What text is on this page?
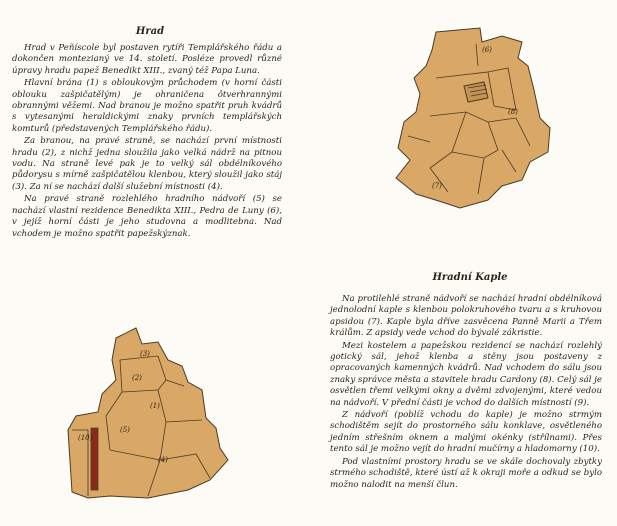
Hrad

Hrad v Peñíscole byl postaven rytíři Templářského řádu a dokončen montezianý ve 14. století. Posléze provedl různé úpravy hradu papež Benedikt XIII., zvaný též Papa Luna.

Hlavní brána (1) s obloukovým průchodem (v horní části oblouku zašpičatělým) je ohraničena ôtverhrannými obrannými věžemi. Nad branou je možno spatřit pruh kvádrů s vytesanými heraldickými znaky prvních templářských komturů (představených Templářského řádu).

Za branou, na pravé straně, se nachází první místnosti hradu (2), z nichž jedna sloužila jako velká nádrž na pitnou vodu. Na straně levé pak je to velký sál obdélníkového půdorysu s mírně zašpičatělou klenbou, který sloužil jako stáj (3). Za ní se nachází další služební místnosti (4).

Na pravé straně rozlehlého hradního nádvoří (5) se nachází vlastní rezidence Benedikta XIII., Pedra de Luny (6), v jejíž horní části je jeho studovna a modlitebna. Nad vchodem je možno spatřit papežskýznak.

(6)
(8)
(7)
(3)
(2)
(1)
(5)
(4)
(10)
Hradní Kaple

Na protilehlé straně nádvoří se nachází hradní obdélníková jednolodní kaple s klenbou polokruhového tvaru a s kruhovou apsidou (7). Kaple byla dříve zasvěcena Panně Marii a Třem králům. Z apsidy vede vchod do bývalé zákristie.

Mezi kostelem a papežskou rezidencí se nachází rozlehlý gotický sál, jehož klenba a stěny jsou postaveny z opracovaných kamenných kvádrů. Nad vchodem do sálu jsou znaky správce města a stavitele hradu Cardony (8). Celý sál je osvětlen třemi velkými okny a dvěmi zdvojenými, které vedou na nádvoří. V přední části je vchod do dalších místností (9).

Z nádvoří (poblíž vchodu do kaple) je možno strmým schodištěm sejít do prostorného sálu konklave, osvětleného jedním střešním oknem a malými okénky (střílnami). Přes tento sál je možno vejít do hradní mučírny a hladomorny (10).

Pod vlastními prostory hradu se ve skále dochovaly zbytky strmého schodiště, které ústí až k okraji moře a odkud se bylo možno nalodit na menší člun.
